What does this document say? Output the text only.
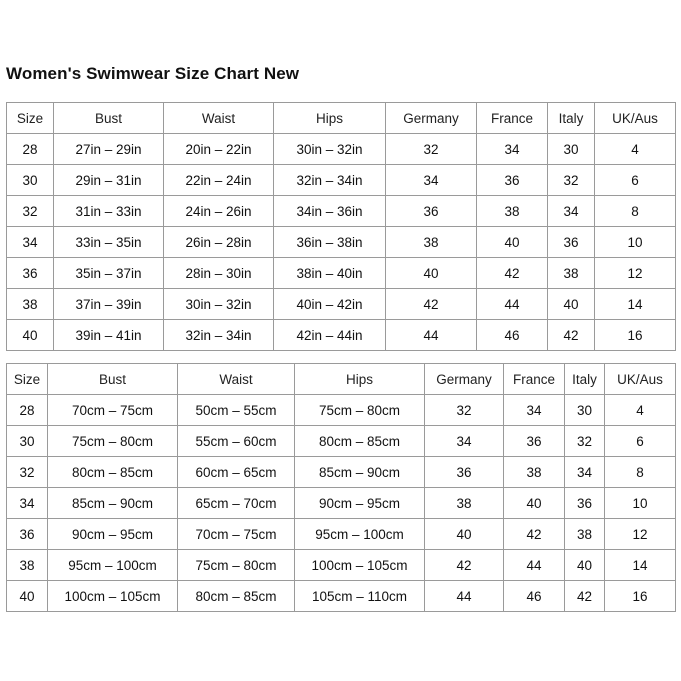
Women's Swimwear Size Chart New
Size	Bust	Waist	Hips	Germany	France	Italy	UK/Aus
28	27in – 29in	20in – 22in	30in – 32in	32	34	30	4
30	29in – 31in	22in – 24in	32in – 34in	34	36	32	6
32	31in – 33in	24in – 26in	34in – 36in	36	38	34	8
34	33in – 35in	26in – 28in	36in – 38in	38	40	36	10
36	35in – 37in	28in – 30in	38in – 40in	40	42	38	12
38	37in – 39in	30in – 32in	40in – 42in	42	44	40	14
40	39in – 41in	32in – 34in	42in – 44in	44	46	42	16
Size	Bust	Waist	Hips	Germany	France	Italy	UK/Aus
28	70cm – 75cm	50cm – 55cm	75cm – 80cm	32	34	30	4
30	75cm – 80cm	55cm – 60cm	80cm – 85cm	34	36	32	6
32	80cm – 85cm	60cm – 65cm	85cm – 90cm	36	38	34	8
34	85cm – 90cm	65cm – 70cm	90cm – 95cm	38	40	36	10
36	90cm – 95cm	70cm – 75cm	95cm – 100cm	40	42	38	12
38	95cm – 100cm	75cm – 80cm	100cm – 105cm	42	44	40	14
40	100cm – 105cm	80cm – 85cm	105cm – 110cm	44	46	42	16
